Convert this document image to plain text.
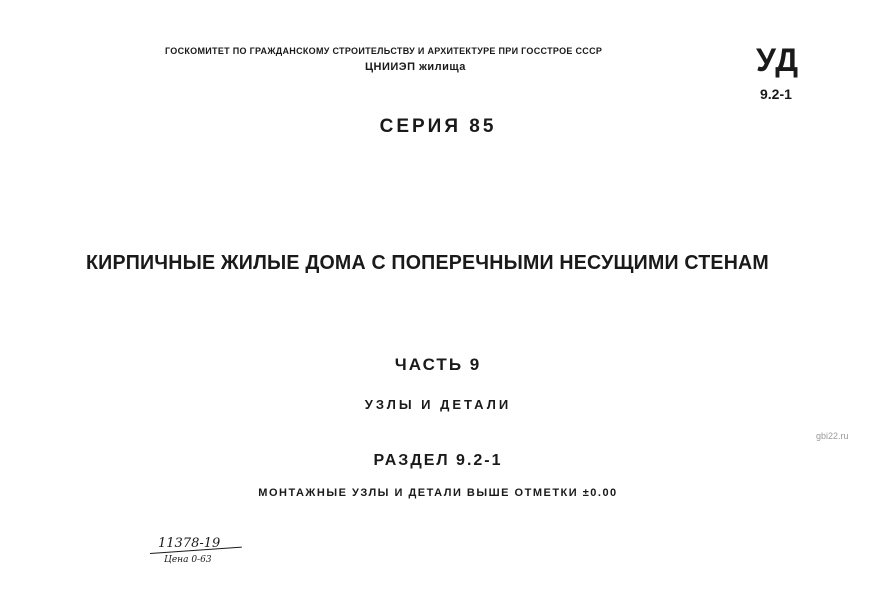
ГОСКОМИТЕТ ПО ГРАЖДАНСКОМУ СТРОИТЕЛЬСТВУ И АРХИТЕКТУРЕ ПРИ ГОССТРОЕ СССР
ЦНИИЭП жилища	УД
9.2-1
СЕРИЯ 85
КИРПИЧНЫЕ ЖИЛЫЕ ДОМА С ПОПЕРЕЧНЫМИ НЕСУЩИМИ СТЕНАМ
ЧАСТЬ 9
УЗЛЫ И ДЕТАЛИ
РАЗДЕЛ 9.2-1
МОНТАЖНЫЕ УЗЛЫ И ДЕТАЛИ ВЫШЕ ОТМЕТКИ ±0.00
gbi22.ru
11378-19
Цена 0-63
